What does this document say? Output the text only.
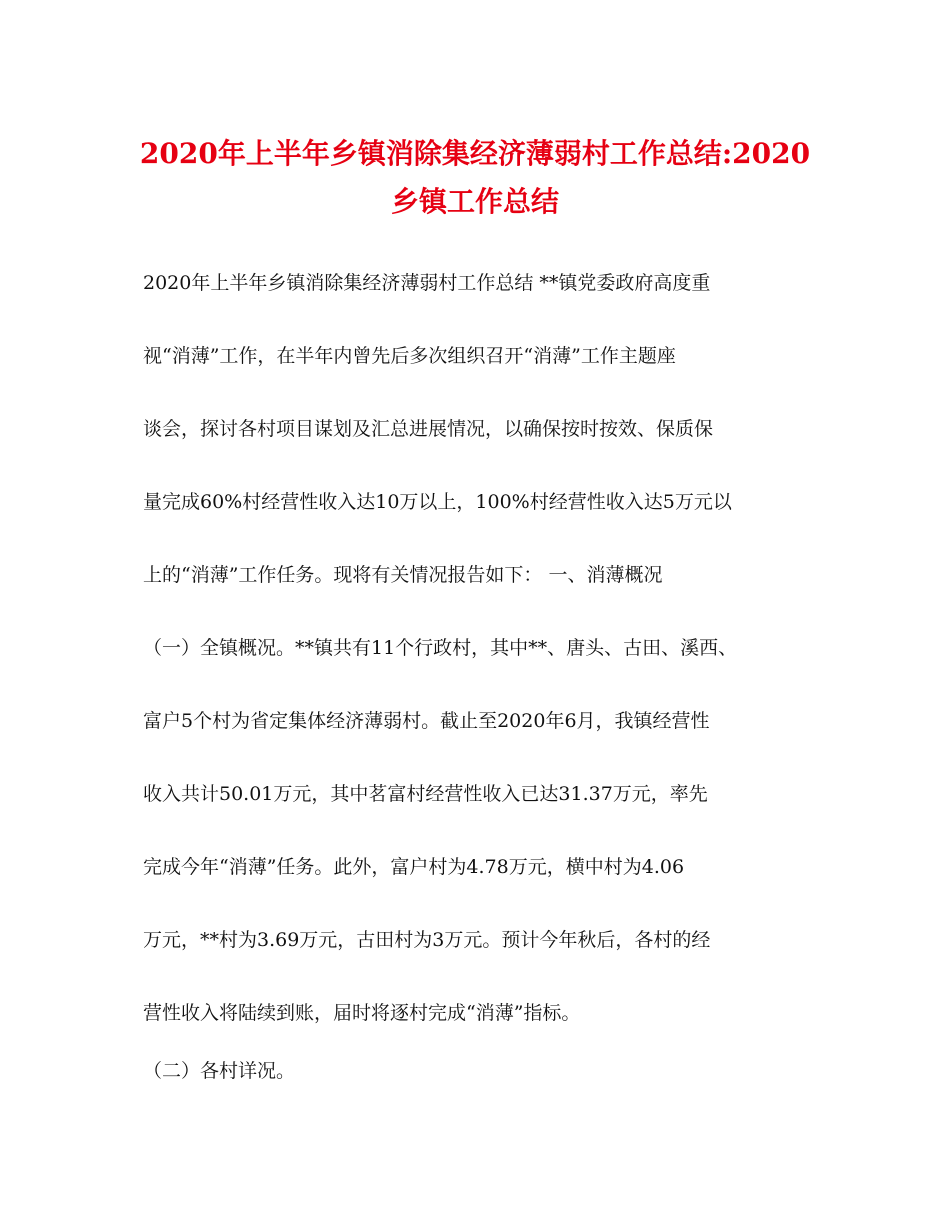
2020年上半年乡镇消除集经济薄弱村工作总结:2020
乡镇工作总结
2020年上半年乡镇消除集经济薄弱村工作总结 **镇党委政府高度重
视“消薄”工作，在半年内曾先后多次组织召开“消薄”工作主题座
谈会，探讨各村项目谋划及汇总进展情况，以确保按时按效、保质保
量完成60%村经营性收入达10万以上，100%村经营性收入达5万元以
上的“消薄”工作任务。现将有关情况报告如下： 一、消薄概况
（一）全镇概况。**镇共有11个行政村，其中**、唐头、古田、溪西、
富户5个村为省定集体经济薄弱村。截止至2020年6月，我镇经营性
收入共计50.01万元，其中茗富村经营性收入已达31.37万元，率先
完成今年“消薄”任务。此外，富户村为4.78万元，横中村为4.06
万元，**村为3.69万元，古田村为3万元。预计今年秋后，各村的经
营性收入将陆续到账，届时将逐村完成“消薄”指标。
（二）各村详况。
